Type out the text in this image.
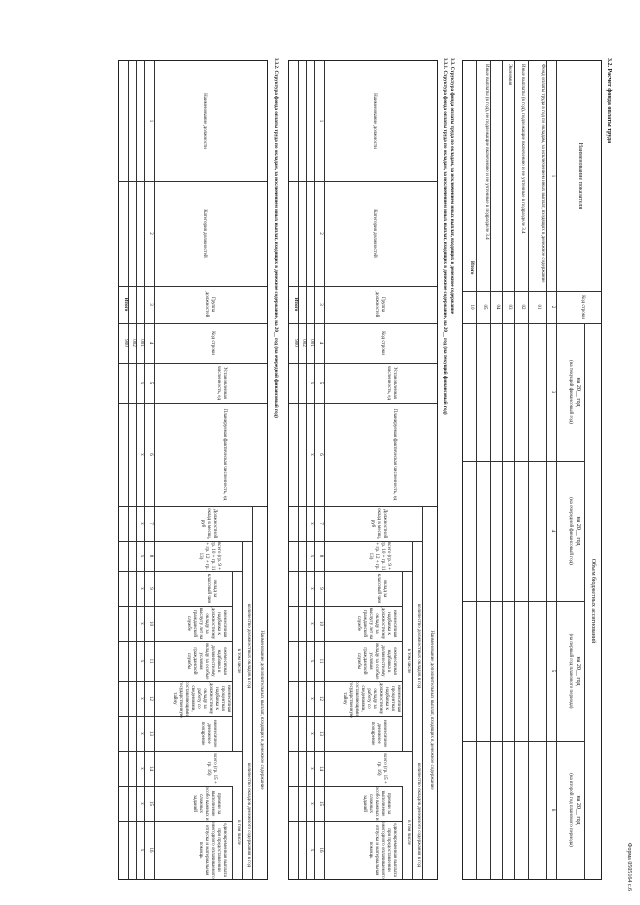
Форма 0505164 с.6
3.2. Расчет фонда оплаты труда
Наименование показателя
Код строки
Объем бюджетных ассигнований
на 20__ год
(на текущий финансовый год)
на 20__ год
(на очередной финансовый год)
на 20__ год
(на первый год планового периода)
на 20__ год
(на второй год планового периода)
1
2
3
4
5
6
Фонд оплаты труда в год по окладам, за исключением иных выплат, входящих в денежное содержание
01
Иные выплаты (в год), подлежащие включению и не учтенные в подразделе 3.4
02
Экономия
03
04
Иные выплаты (в год), не подлежащие включению и не учтенные в подразделе 3.4
05
Итого
10
3.3. Структура фонда оплаты труда по окладам, за исключением иных выплат, входящих в денежное содержание
3.3.1. Структура фонда оплаты труда по окладам, за исключением иных выплат, входящих в денежное содержание, на 20__ год (на текущий финансовый год)
Наименование должности
Категория должностей
Группа должностей
Код строки
Установленная численность, ед
Планируемая фактическая численность, ед
Должностной оклад в месяц, руб
Наименование дополнительных выплат, входящих в денежное содержание
количество должностных окладов в год
всего (гр. 9 + гр. 10 + гр. 11 + гр. 12 + гр. 13)
в том числе
оклад за классный чин
ежемесячная надбавка к должностному окладу за выслугу лет на гражданской службе
ежемесячная надбавка к должностному окладу за особые условия гражданской службы
ежемесячная процентная надбавка к должностному окладу за работу со сведениями, составляющими государственную тайну
ежемесячное денежное поощрение
количество окладов денежного содержания в год
всего (гр. 15 + гр. 16)
в том числе
премии за выполнение особо важных и сложных заданий
единовременная выплата при предоставлении ежегодного оплачиваемого отпуска и материальная помощь
1
2
3
4
5
6
7
8
9
10
11
12
13
14
15
16
001
002
900
Итого
x
x
x
x
x
x
x
x
x
x
x
x
3.3.2. Структура фонда оплаты труда по окладам, за исключением иных выплат, входящих в денежное содержание, на 20__ год (на очередной финансовый год)
Наименование должности
Категория должностей
Группа должностей
Код строки
Установленная численность, ед
Планируемая фактическая численность, ед
Должностной оклад в месяц, руб
Наименование дополнительных выплат, входящих в денежное содержание
количество должностных окладов в год
всего (гр. 9 + гр. 10 + гр. 11 + гр. 12 + гр. 13)
в том числе
оклад за классный чин
ежемесячная надбавка к должностному окладу за выслугу лет на гражданской службе
ежемесячная надбавка к должностному окладу за особые условия гражданской службы
ежемесячная процентная надбавка к должностному окладу за работу со сведениями, составляющими государственную тайну
ежемесячное денежное поощрение
количество окладов денежного содержания в год
всего (гр. 15 + гр. 16)
в том числе
премии за выполнение особо важных и сложных заданий
единовременная выплата при предоставлении ежегодного оплачиваемого отпуска и материальная помощь
1
2
3
4
5
6
7
8
9
10
11
12
13
14
15
16
001
002
900
Итого
x
x
x
x
x
x
x
x
x
x
x
x
